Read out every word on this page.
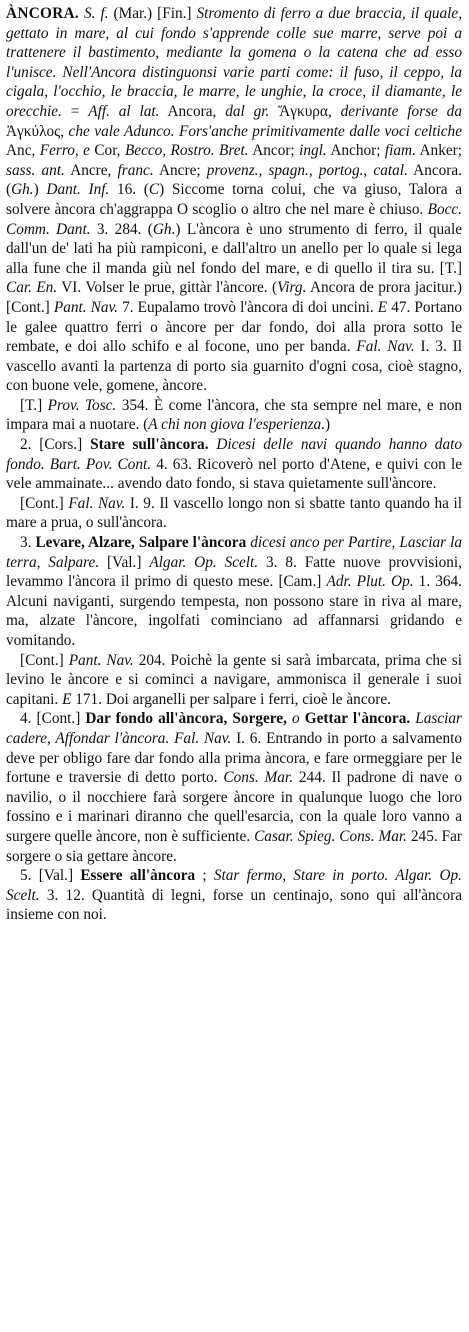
ÀNCORA. S. f. (Mar.) [Fin.] Stromento di ferro a due braccia, il quale, gettato in mare, al cui fondo s'apprende colle sue marre, serve poi a trattenere il bastimento, mediante la gomena o la catena che ad esso l'unisce. Nell'Ancora distinguonsi varie parti come: il fuso, il ceppo, la cigala, l'occhio, le braccia, le marre, le unghie, la croce, il diamante, le orecchie. = Aff. al lat. Ancora, dal gr. Ἄγκυρα, derivante forse da Ἀγκύλος, che vale Adunco. Fors'anche primitivamente dalle voci celtiche Anc, Ferro, e Cor, Becco, Rostro. Bret. Ancor; ingl. Anchor; fiam. Anker; sass. ant. Ancre, franc. Ancre; provenz., spagn., portog., catal. Ancora. (Gh.) Dant. Inf. 16. (C) Siccome torna colui, che va giuso, Talora a solvere àncora ch'aggrappa O scoglio o altro che nel mare è chiuso. Bocc. Comm. Dant. 3. 284. (Gh.) L'àncora è uno strumento di ferro, il quale dall'un de' lati ha più rampiconi, e dall'altro un anello per lo quale si lega alla fune che il manda giù nel fondo del mare, e di quello il tira su. [T.] Car. En. VI. Volser le prue, gittàr l'àncore. (Virg. Ancora de prora jacitur.) [Cont.] Pant. Nav. 7. Eupalamo trovò l'àncora di doi uncini. E 47. Portano le galee quattro ferri o àncore per dar fondo, doi alla prora sotto le rembate, e doi allo schifo e al focone, uno per banda. Fal. Nav. I. 3. Il vascello avanti la partenza di porto sia guarnito d'ogni cosa, cioè stagno, con buone vele, gomene, àncore.

[T.] Prov. Tosc. 354. È come l'àncora, che sta sempre nel mare, e non impara mai a nuotare. (A chi non giova l'esperienza.)

2. [Cors.] Stare sull'àncora. Dicesi delle navi quando hanno dato fondo. Bart. Pov. Cont. 4. 63. Ricoverò nel porto d'Atene, e quivi con le vele ammainate... avendo dato fondo, si stava quietamente sull'àncore.

[Cont.] Fal. Nav. I. 9. Il vascello longo non si sbatte tanto quando ha il mare a prua, o sull'àncora.

3. Levare, Alzare, Salpare l'àncora dicesi anco per Partire, Lasciar la terra, Salpare. [Val.] Algar. Op. Scelt. 3. 8. Fatte nuove provvisioni, levammo l'àncora il primo di questo mese. [Cam.] Adr. Plut. Op. 1. 364. Alcuni naviganti, surgendo tempesta, non possono stare in riva al mare, ma, alzate l'àncore, ingolfati cominciano ad affannarsi gridando e vomitando.

[Cont.] Pant. Nav. 204. Poichè la gente si sarà imbarcata, prima che si levino le àncore e si cominci a navigare, ammonisca il generale i suoi capitani. E 171. Doi arganelli per salpare i ferri, cioè le àncore.

4. [Cont.] Dar fondo all'àncora, Sorgere, o Gettar l'àncora. Lasciar cadere, Affondar l'àncora. Fal. Nav. I. 6. Entrando in porto a salvamento deve per obligo fare dar fondo alla prima àncora, e fare ormeggiare per le fortune e traversie di detto porto. Cons. Mar. 244. Il padrone di nave o navilio, o il nocchiere farà sorgere àncore in qualunque luogo che loro fossino e i marinari diranno che quell'esarcia, con la quale loro vanno a surgere quelle àncore, non è sufficiente. Casar. Spieg. Cons. Mar. 245. Far sorgere o sia gettare àncore.

5. [Val.] Essere all'àncora ; Star fermo, Stare in porto. Algar. Op. Scelt. 3. 12. Quantità di legni, forse un centinajo, sono qui all'àncora insieme con noi.
